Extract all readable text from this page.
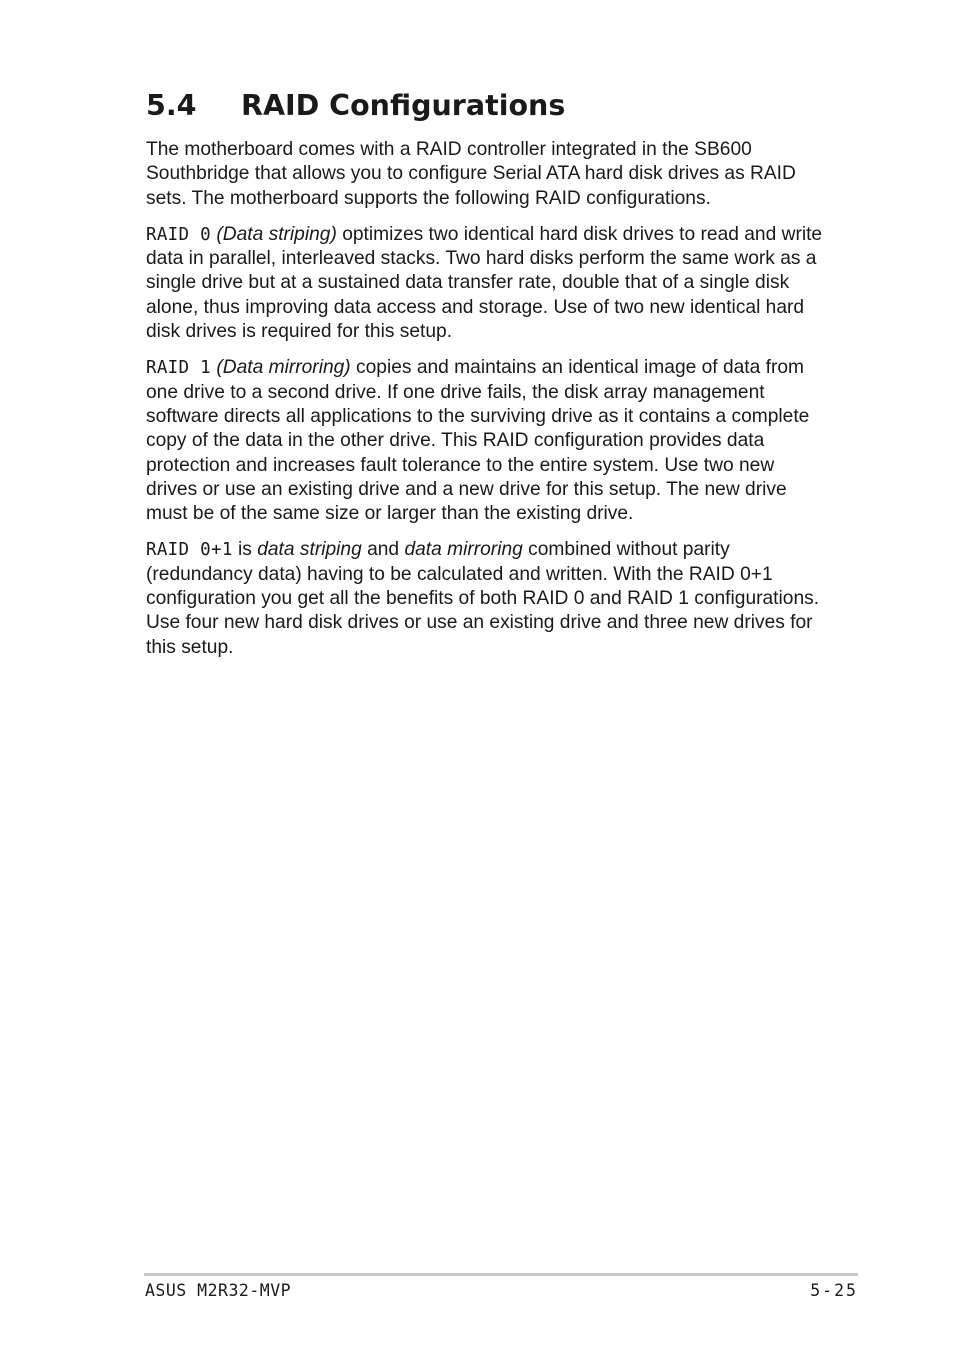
5.4 RAID Configurations

The motherboard comes with a RAID controller integrated in the SB600 Southbridge that allows you to configure Serial ATA hard disk drives as RAID sets. The motherboard supports the following RAID configurations.

RAID 0 (Data striping) optimizes two identical hard disk drives to read and write data in parallel, interleaved stacks. Two hard disks perform the same work as a single drive but at a sustained data transfer rate, double that of a single disk alone, thus improving data access and storage. Use of two new identical hard disk drives is required for this setup.

RAID 1 (Data mirroring) copies and maintains an identical image of data from one drive to a second drive. If one drive fails, the disk array management software directs all applications to the surviving drive as it contains a complete copy of the data in the other drive. This RAID configuration provides data protection and increases fault tolerance to the entire system. Use two new drives or use an existing drive and a new drive for this setup. The new drive must be of the same size or larger than the existing drive.

RAID 0+1 is data striping and data mirroring combined without parity (redundancy data) having to be calculated and written. With the RAID 0+1 configuration you get all the benefits of both RAID 0 and RAID 1 configurations. Use four new hard disk drives or use an existing drive and three new drives for this setup.

ASUS M2R32-MVP	5-25
